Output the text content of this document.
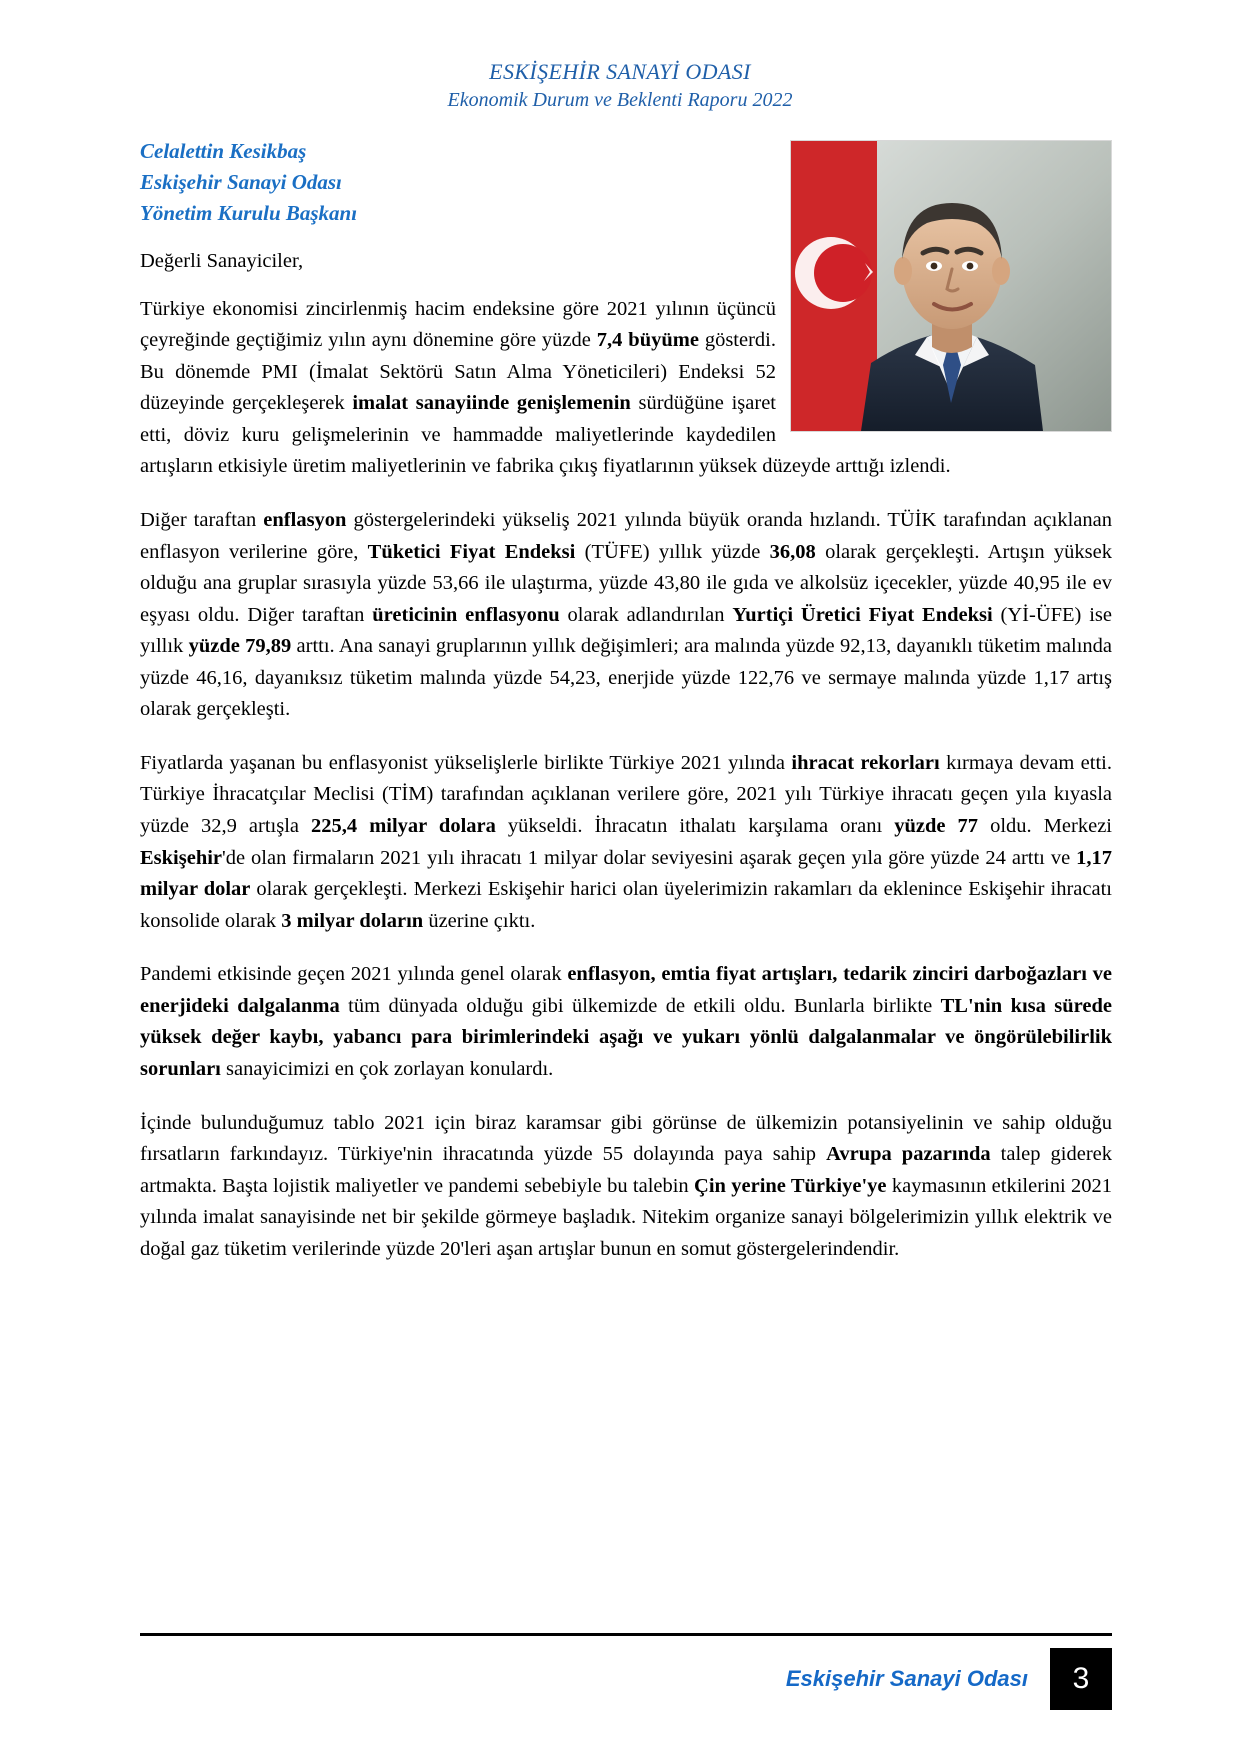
ESKİŞEHİR SANAYİ ODASI
Ekonomik Durum ve Beklenti Raporu 2022
Celalettin Kesikbaş
Eskişehir Sanayi Odası
Yönetim Kurulu Başkanı

Değerli Sanayiciler,

Türkiye ekonomisi zincirlenmiş hacim endeksine göre 2021 yılının üçüncü çeyreğinde geçtiğimiz yılın aynı dönemine göre yüzde 7,4 büyüme gösterdi. Bu dönemde PMI (İmalat Sektörü Satın Alma Yöneticileri) Endeksi 52 düzeyinde gerçekleşerek imalat sanayiinde genişlemenin sürdüğüne işaret etti, döviz kuru gelişmelerinin ve hammadde maliyetlerinde kaydedilen artışların etkisiyle üretim maliyetlerinin ve fabrika çıkış fiyatlarının yüksek düzeyde arttığı izlendi.

Diğer taraftan enflasyon göstergelerindeki yükseliş 2021 yılında büyük oranda hızlandı. TÜİK tarafından açıklanan enflasyon verilerine göre, Tüketici Fiyat Endeksi (TÜFE) yıllık yüzde 36,08 olarak gerçekleşti. Artışın yüksek olduğu ana gruplar sırasıyla yüzde 53,66 ile ulaştırma, yüzde 43,80 ile gıda ve alkolsüz içecekler, yüzde 40,95 ile ev eşyası oldu. Diğer taraftan üreticinin enflasyonu olarak adlandırılan Yurtiçi Üretici Fiyat Endeksi (Yİ-ÜFE) ise yıllık yüzde 79,89 arttı. Ana sanayi gruplarının yıllık değişimleri; ara malında yüzde 92,13, dayanıklı tüketim malında yüzde 46,16, dayanıksız tüketim malında yüzde 54,23, enerjide yüzde 122,76 ve sermaye malında yüzde 1,17 artış olarak gerçekleşti.

Fiyatlarda yaşanan bu enflasyonist yükselişlerle birlikte Türkiye 2021 yılında ihracat rekorları kırmaya devam etti. Türkiye İhracatçılar Meclisi (TİM) tarafından açıklanan verilere göre, 2021 yılı Türkiye ihracatı geçen yıla kıyasla yüzde 32,9 artışla 225,4 milyar dolara yükseldi. İhracatın ithalatı karşılama oranı yüzde 77 oldu. Merkezi Eskişehir'de olan firmaların 2021 yılı ihracatı 1 milyar dolar seviyesini aşarak geçen yıla göre yüzde 24 arttı ve 1,17 milyar dolar olarak gerçekleşti. Merkezi Eskişehir harici olan üyelerimizin rakamları da eklenince Eskişehir ihracatı konsolide olarak 3 milyar doların üzerine çıktı.

Pandemi etkisinde geçen 2021 yılında genel olarak enflasyon, emtia fiyat artışları, tedarik zinciri darboğazları ve enerjideki dalgalanma tüm dünyada olduğu gibi ülkemizde de etkili oldu. Bunlarla birlikte TL'nin kısa sürede yüksek değer kaybı, yabancı para birimlerindeki aşağı ve yukarı yönlü dalgalanmalar ve öngörülebilirlik sorunları sanayicimizi en çok zorlayan konulardı.

İçinde bulunduğumuz tablo 2021 için biraz karamsar gibi görünse de ülkemizin potansiyelinin ve sahip olduğu fırsatların farkındayız. Türkiye'nin ihracatında yüzde 55 dolayında paya sahip Avrupa pazarında talep giderek artmakta. Başta lojistik maliyetler ve pandemi sebebiyle bu talebin Çin yerine Türkiye'ye kaymasının etkilerini 2021 yılında imalat sanayisinde net bir şekilde görmeye başladık. Nitekim organize sanayi bölgelerimizin yıllık elektrik ve doğal gaz tüketim verilerinde yüzde 20'leri aşan artışlar bunun en somut göstergelerindendir.

Eskişehir Sanayi Odası	3
